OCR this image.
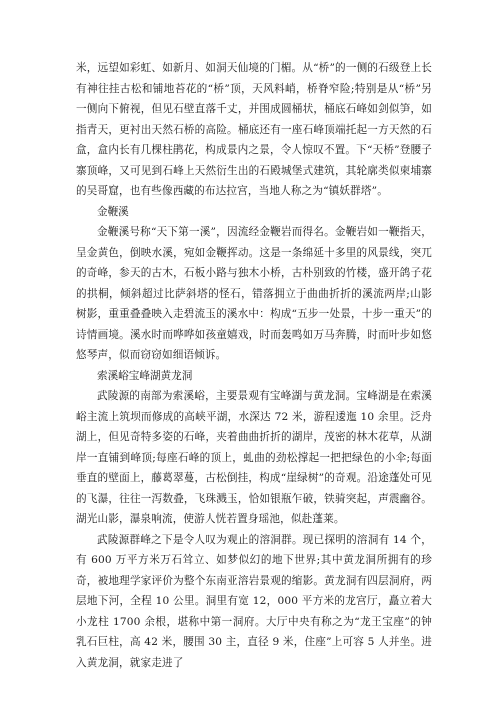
米，远望如彩虹、如新月、如洞天仙境的门楣。从“桥”的一侧的石级登上长有神往挂古松和铺地苔花的“桥”顶，天风料峭，桥脊窄险;特别是从“桥”另一侧向下俯视，但见石壁直落千丈，并围成圆桶状，桶底石峰如剑似笋，如指青天，更衬出天然石桥的高险。桶底还有一座石峰顶端托起一方天然的石盒，盒内长有几棵柱鹃花，构成景内之景，令人惊叹不置。下“天桥”登腰子寨顶峰，又可见到石峰上天然衍生出的石殿城堡式建筑，其轮廓类似柬埔寨的吴哥窟，也有些像西藏的布达拉宫，当地人称之为“镇妖群塔”。

金鞭溪

金鞭溪号称“天下第一溪”，因流经金鞭岩而得名。金鞭岩如一鞭指天，呈金黄色，倒映水溪，宛如金鞭挥动。这是一条绵延十多里的风景线，突兀的奇峰，参天的古木，石板小路与独木小桥，古朴别致的竹楼，盛开鸽子花的拱桐，倾斜超过比萨斜塔的怪石，错落拥立于曲曲折折的溪流两岸;山影树影，重重叠叠映入走碧流玉的溪水中：构成“五步一处景，十步一重天”的诗情画境。溪水时而哗哗如孩童嬉戏，时而轰鸣如万马奔腾，时而叶步如悠悠琴声，似而窃窃如细语倾诉。

索溪峪宝峰湖黄龙洞

武陵源的南部为索溪峪，主要景观有宝峰湖与黄龙洞。宝峰湖是在索溪峪主流上筑坝而修成的高峡平湖，水深达 72 米，游程逶迤 10 余里。泛舟湖上，但见奇特多姿的石峰，夹着曲曲折折的湖岸，茂密的林木花草，从湖岸一直铺到峰顶;每座石峰的顶上，虬曲的劲松撑起一把把绿色的小伞;每面垂直的壁面上，藤葛翠蔓，古松倒挂，构成“崖绿树”的奇观。沿途蓬处可见的飞瀑，往往一泻数叠，飞珠溅玉，恰如银瓶乍破，铁骑突起，声震幽谷。湖光山影，瀑泉响流，使游人恍若置身瑶池，似赴蓬莱。

武陵源群峰之下是令人叹为观止的溶洞群。现已探明的溶洞有 14 个，有 600 万平方米万石耸立、如梦似幻的地下世界;其中黄龙洞所拥有的珍奇，被地理学家评价为整个东南亚溶岩景观的缩影。黄龙洞有四层洞府，两层地下河，全程 10 公里。洞里有宽 12，000 平方米的龙宫厅，矗立着大小龙柱 1700 余根，堪称中第一洞府。大厅中央有称之为“龙王宝座”的钟乳石巨柱，高 42 米，腰围 30 主，直径 9 米，住座”上可容 5 人并坐。进入黄龙洞，就家走进了
